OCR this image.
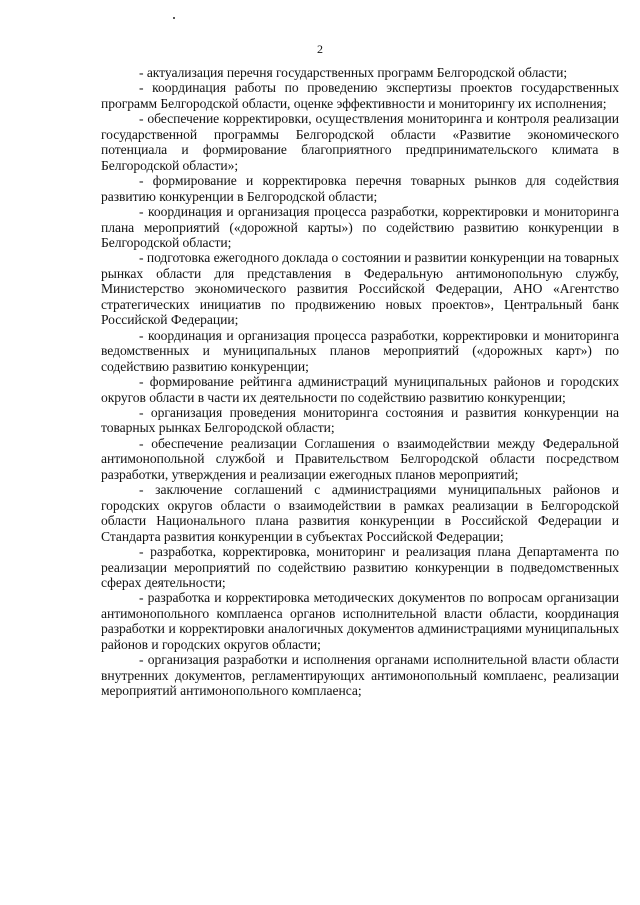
2

- актуализация перечня государственных программ Белгородской области;

- координация работы по проведению экспертизы проектов государственных программ Белгородской области, оценке эффективности и мониторингу их исполнения;

- обеспечение корректировки, осуществления мониторинга и контроля реализации государственной программы Белгородской области «Развитие экономического потенциала и формирование благоприятного предпринимательского климата в Белгородской области»;

- формирование и корректировка перечня товарных рынков для содействия развитию конкуренции в Белгородской области;

- координация и организация процесса разработки, корректировки и мониторинга плана мероприятий («дорожной карты») по содействию развитию конкуренции в Белгородской области;

- подготовка ежегодного доклада о состоянии и развитии конкуренции на товарных рынках области для представления в Федеральную антимонопольную службу, Министерство экономического развития Российской Федерации, АНО «Агентство стратегических инициатив по продвижению новых проектов», Центральный банк Российской Федерации;

- координация и организация процесса разработки, корректировки и мониторинга ведомственных и муниципальных планов мероприятий («дорожных карт») по содействию развитию конкуренции;

- формирование рейтинга администраций муниципальных районов и городских округов области в части их деятельности по содействию развитию конкуренции;

- организация проведения мониторинга состояния и развития конкуренции на товарных рынках Белгородской области;

- обеспечение реализации Соглашения о взаимодействии между Федеральной антимонопольной службой и Правительством Белгородской области посредством разработки, утверждения и реализации ежегодных планов мероприятий;

- заключение соглашений с администрациями муниципальных районов и городских округов области о взаимодействии в рамках реализации в Белгородской области Национального плана развития конкуренции в Российской Федерации и Стандарта развития конкуренции в субъектах Российской Федерации;

- разработка, корректировка, мониторинг и реализация плана Департамента по реализации мероприятий по содействию развитию конкуренции в подведомственных сферах деятельности;

- разработка и корректировка методических документов по вопросам организации антимонопольного комплаенса органов исполнительной власти области, координация разработки и корректировки аналогичных документов администрациями муниципальных районов и городских округов области;

- организация разработки и исполнения органами исполнительной власти области внутренних документов, регламентирующих антимонопольный комплаенс, реализации мероприятий антимонопольного комплаенса;
